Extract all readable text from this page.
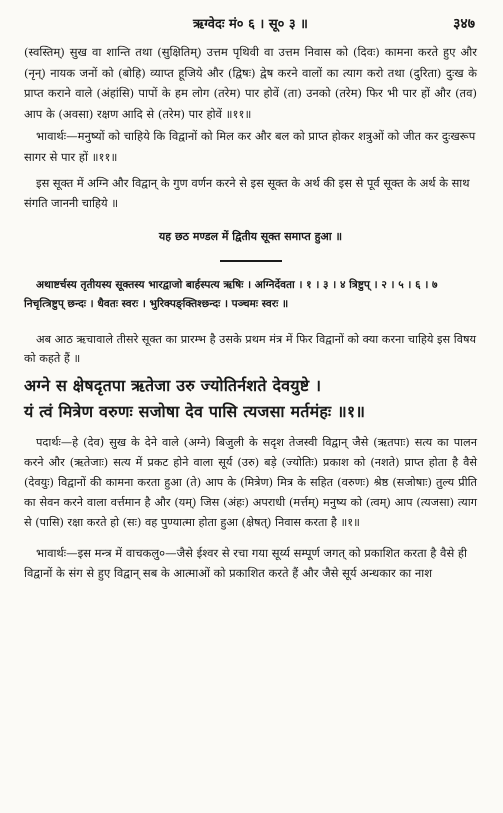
ऋग्वेदः मं० ६ । सू० ३ ॥	३४७

(स्वस्तिम्) सुख वा शान्ति तथा (सुक्षितिम्) उत्तम पृथिवी वा उत्तम निवास को (दिवः) कामना करते हुए और (नृन्) नायक जनों को (बोहि) व्याप्त हूजिये और (द्विषः) द्वेष करने वालों का त्याग करो तथा (दुरिता) दुःख के प्राप्त कराने वाले (अंहांसि) पापों के हम लोग (तरेम) पार होवें (ता) उनको (तरेम) फिर भी पार हों और (तव) आप के (अवसा) रक्षण आदि से (तरेम) पार होवें ॥११॥

भावार्थः—मनुष्यों को चाहिये कि विद्वानों को मिल कर और बल को प्राप्त होकर शत्रुओं को जीत कर दुःखरूप सागर से पार हों ॥११॥

इस सूक्त में अग्नि और विद्वान् के गुण वर्णन करने से इस सूक्त के अर्थ की इस से पूर्व सूक्त के अर्थ के साथ संगति जाननी चाहिये ॥

यह छठ मण्डल में द्वितीय सूक्त समाप्त हुआ ॥

अथाष्टर्चस्य तृतीयस्य सूक्तस्य भारद्वाजो बार्हस्पत्य ऋषिः । अग्निर्देवता । १ । ३ । ४ त्रिष्टुप् । २ । ५ । ६ । ७ निचृत्त्रिष्टुप् छन्दः । धैवतः स्वरः । भुरिक्पङ्क्तिश्छन्दः । पञ्चमः स्वरः ॥

अब आठ ऋचावाले तीसरे सूक्त का प्रारम्भ है उसके प्रथम मंत्र में फिर विद्वानों को क्या करना चाहिये इस विषय को कहते हैं ॥

अग्ने स क्षेषदृतपा ऋतेजा उरु ज्योतिर्नशते देवयुष्टे ।

यं त्वं मित्रेण वरुणः सजोषा देव पासि त्यजसा मर्तमंहः ॥१॥

पदार्थः—हे (देव) सुख के देने वाले (अग्ने) बिजुली के सदृश तेजस्वी विद्वान् जैसे (ऋतपाः) सत्य का पालन करने और (ऋतेजाः) सत्य में प्रकट होने वाला सूर्य (उरु) बड़े (ज्योतिः) प्रकाश को (नशते) प्राप्त होता है वैसे (देवयुः) विद्वानों की कामना करता हुआ (ते) आप के (मित्रेण) मित्र के सहित (वरुणः) श्रेष्ठ (सजोषाः) तुल्य प्रीति का सेवन करने वाला वर्त्तमान है और (यम्) जिस (अंहः) अपराधी (मर्त्तम्) मनुष्य को (त्वम्) आप (त्यजसा) त्याग से (पासि) रक्षा करते हो (सः) वह पुण्यात्मा होता हुआ (क्षेषत्) निवास करता है ॥१॥

भावार्थः—इस मन्त्र में वाचकलु०—जैसे ईश्वर से रचा गया सूर्य्य सम्पूर्ण जगत् को प्रकाशित करता है वैसे ही विद्वानों के संग से हुए विद्वान् सब के आत्माओं को प्रकाशित करते हैं और जैसे सूर्य अन्धकार का नाश
